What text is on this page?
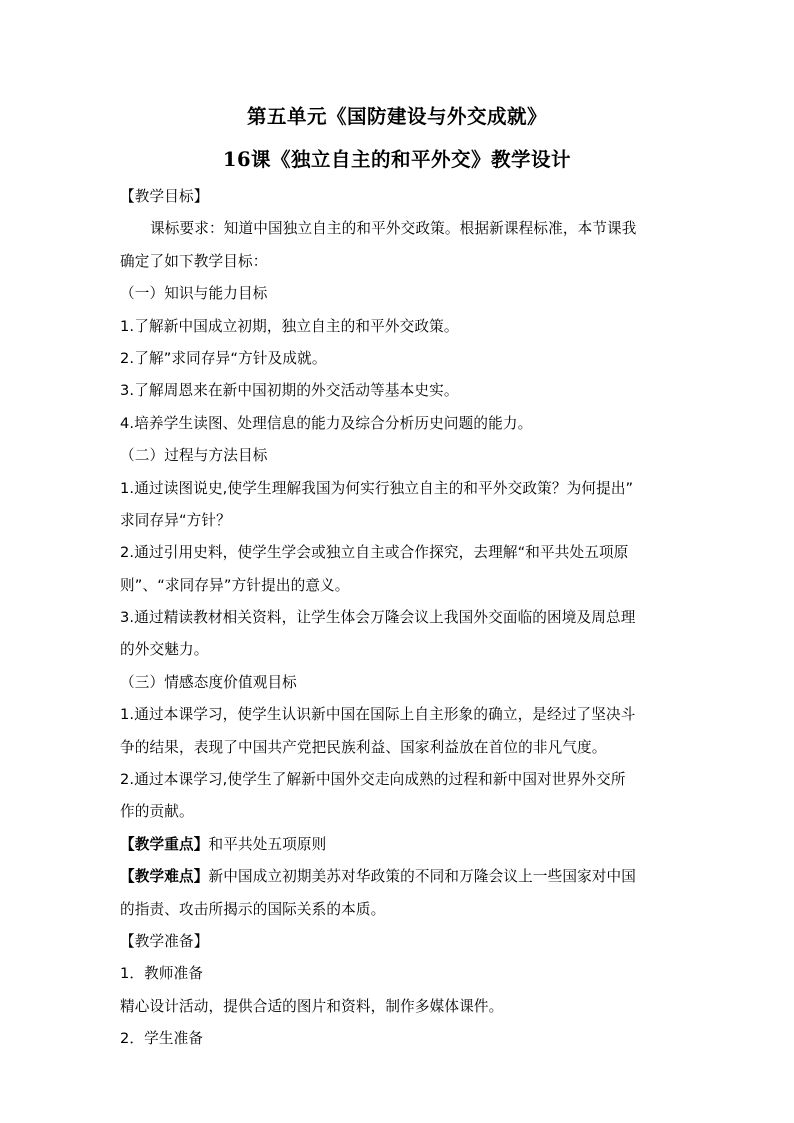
第五单元《国防建设与外交成就》
16课《独立自主的和平外交》教学设计
【教学目标】
课标要求：知道中国独立自主的和平外交政策。根据新课程标准，本节课我
确定了如下教学目标：
（一）知识与能力目标
1.了解新中国成立初期，独立自主的和平外交政策。
2.了解”求同存异“方针及成就。
3.了解周恩来在新中国初期的外交活动等基本史实。
4.培养学生读图、处理信息的能力及综合分析历史问题的能力。
（二）过程与方法目标
1.通过读图说史,使学生理解我国为何实行独立自主的和平外交政策？为何提出”
求同存异“方针？
2.通过引用史料，使学生学会或独立自主或合作探究，去理解“和平共处五项原
则”、“求同存异”方针提出的意义。
3.通过精读教材相关资料，让学生体会万隆会议上我国外交面临的困境及周总理
的外交魅力。
（三）情感态度价值观目标
1.通过本课学习，使学生认识新中国在国际上自主形象的确立，是经过了坚决斗
争的结果，表现了中国共产党把民族利益、国家利益放在首位的非凡气度。
2.通过本课学习,使学生了解新中国外交走向成熟的过程和新中国对世界外交所
作的贡献。
【教学重点】和平共处五项原则
【教学难点】新中国成立初期美苏对华政策的不同和万隆会议上一些国家对中国
的指责、攻击所揭示的国际关系的本质。
【教学准备】
1．教师准备
精心设计活动，提供合适的图片和资料，制作多媒体课件。
2．学生准备
